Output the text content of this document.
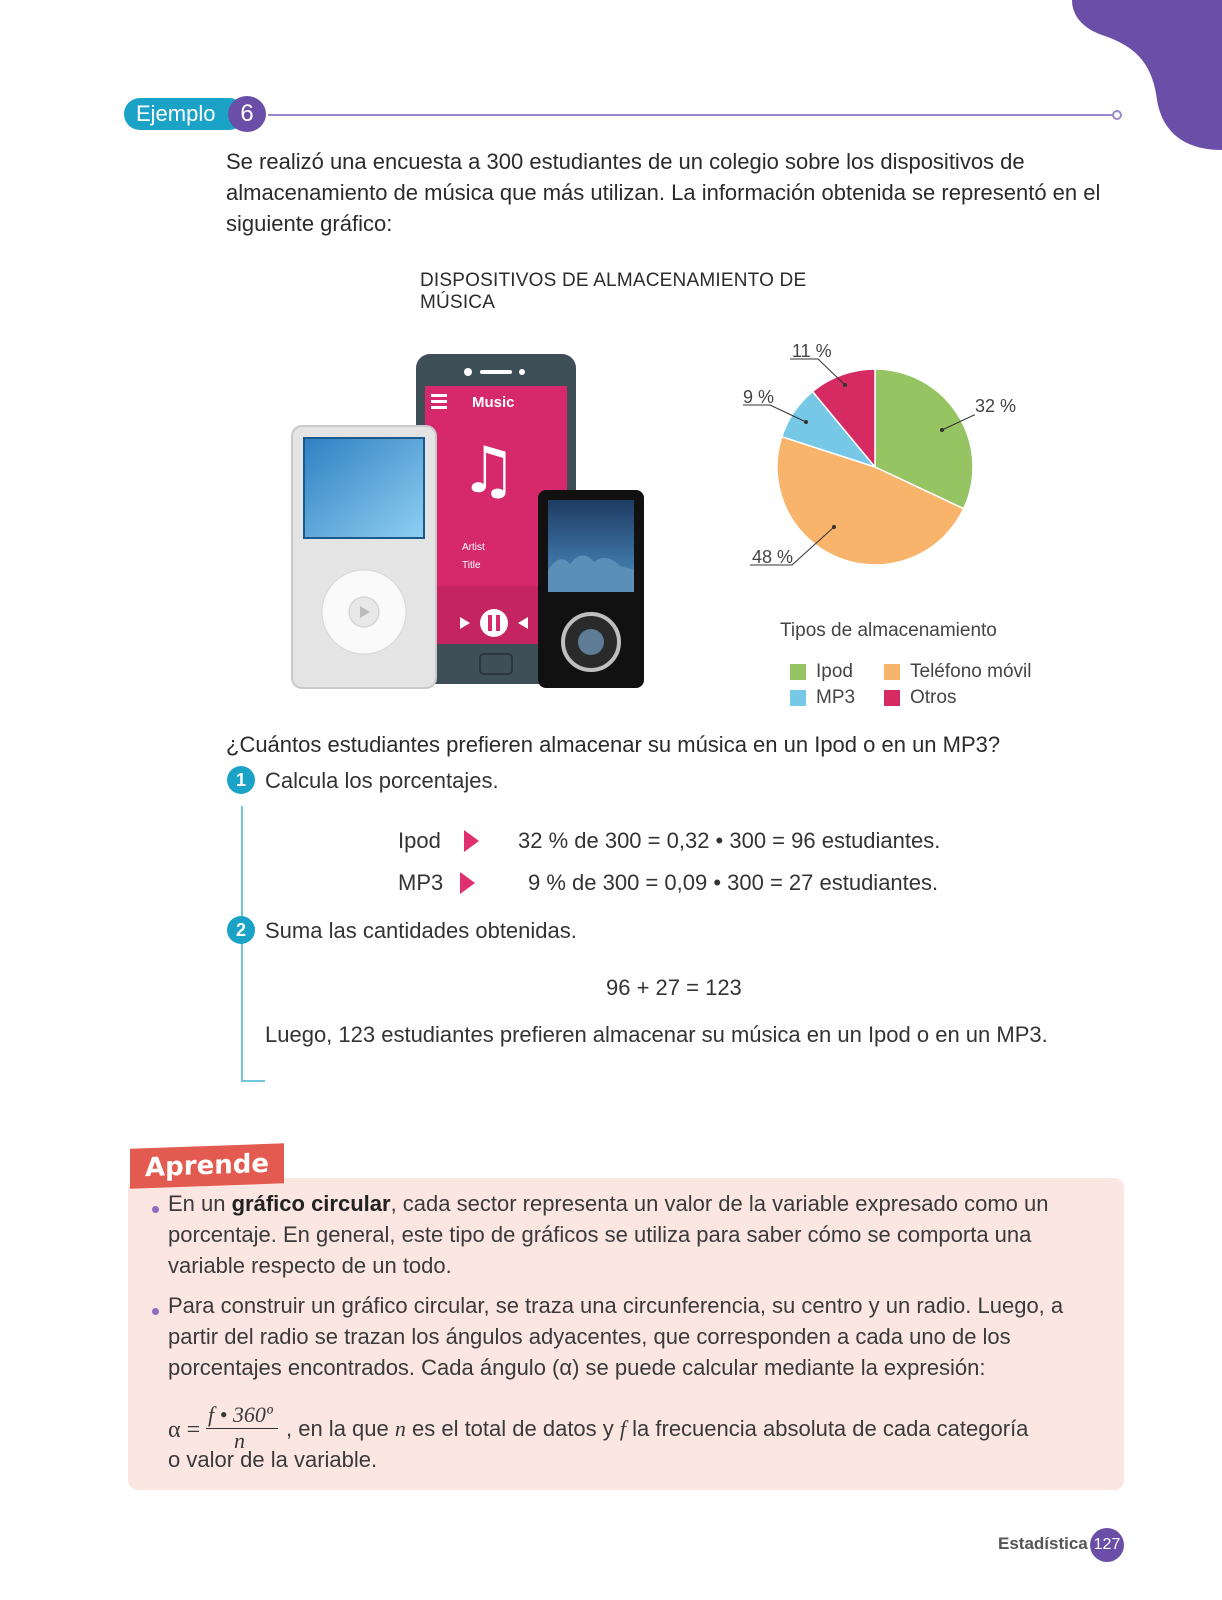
Ejemplo	6

Se realizó una encuesta a 300 estudiantes de un colegio sobre los dispositivos de almacenamiento de música que más utilizan. La información obtenida se representó en el siguiente gráfico:

DISPOSITIVOS DE ALMACENAMIENTO DE MÚSICA
Music
♫
Artist
Title
32 %
48 %
9 %
11 %
Tipos de almacenamiento
Ipod	Teléfono móvil
MP3	Otros
¿Cuántos estudiantes prefieren almacenar su música en un Ipod o en un MP3?
1 Calcula los porcentajes.
Ipod	32 % de 300 = 0,32 • 300 = 96 estudiantes.
MP3	9 % de 300 = 0,09 • 300 = 27 estudiantes.
2 Suma las cantidades obtenidas.
96 + 27 = 123
Luego, 123 estudiantes prefieren almacenar su música en un Ipod o en un MP3.
Aprende

En un gráfico circular, cada sector representa un valor de la variable expresado como un porcentaje. En general, este tipo de gráficos se utiliza para saber cómo se comporta una variable respecto de un todo.

Para construir un gráfico circular, se traza una circunferencia, su centro y un radio. Luego, a partir del radio se trazan los ángulos adyacentes, que corresponden a cada uno de los porcentajes encontrados. Cada ángulo (α) se puede calcular mediante la expresión:

α =
f • 360º
n , en la que n es el total de datos y f la frecuencia absoluta de cada categoría

o valor de la variable.

Estadística 127
